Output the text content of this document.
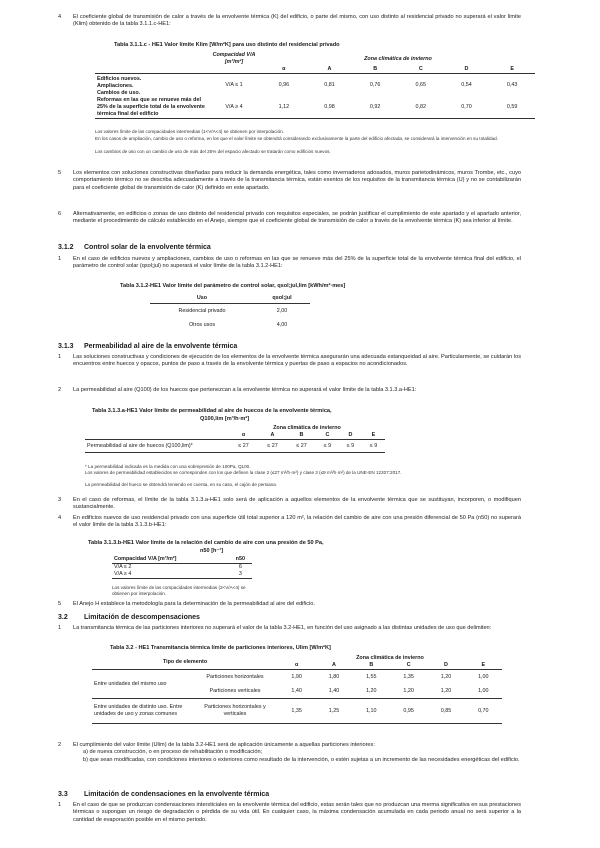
4 El coeficiente global de transmisión de calor a través de la envolvente térmica (K) del edificio, o parte del mismo, con uso distinto al residencial privado no superará el valor límite (Klim) obtenido de la tabla 3.1.1.c-HE1:
Tabla 3.1.1.c - HE1 Valor límite Klim [W/m²K] para uso distinto del residencial privado
	Compacidad V/A [m³/m²]	Zona climática de invierno					
		α	A	B	C	D	E

Edificios nuevos.
Ampliaciones.
Cambios de uso.
Reformas en las que se renueve más del 25% de la superficie total de la envolvente térmica final del edificio	V/A ≤ 1	0,96	0,81	0,76	0,65	0,54	0,43
	V/A ≥ 4	1,12	0,98	0,92	0,82	0,70	0,59
Los valores límite de las compacidades intermedias (1<V/A<4) se obtienen por interpolación.
En los casos de ampliación, cambio de uso o reforma, en los que el valor límite se obtendrá considerando exclusivamente la parte del edificio afectada, se considerará la intervención en su totalidad.
Los cambios de uso con un cambio de uso de más del 25% del espacio afectado se tratarán como edificios nuevos.
5 Los elementos con soluciones constructivas diseñadas para reducir la demanda energética, tales como invernaderos adosados, muros parietodinámicos, muros Trombe, etc., cuyo comportamiento térmico no se describa adecuadamente a través de la transmitancia térmica, están exentos de los requisitos de la transmitancia térmica (U) y no se contabilizarán para el coeficiente global de transmisión de calor (K) definido en este apartado.
6 Alternativamente, en edificios o zonas de uso distinto del residencial privado con requisitos especiales, se podrán justificar el cumplimiento de este apartado y el apartado anterior, mediante el procedimiento de cálculo establecido en el Anejo, siempre que el coeficiente global de transmisión de calor a través de la envolvente térmica (K) sea inferior al límite.
3.1.2 Control solar de la envolvente térmica
1 En el caso de edificios nuevos y ampliaciones, cambios de uso o reformas en las que se renueve más del 25% de la superficie total de la envolvente térmica final del edificio, el parámetro de control solar (qsol;jul) no superará el valor límite de la tabla 3.1.2-HE1:
Tabla 3.1.2-HE1 Valor límite del parámetro de control solar, qsol;jul,lim [kWh/m²·mes]
Uso	qsol;jul
Residencial privado	2,00
Otros usos	4,00
3.1.3 Permeabilidad al aire de la envolvente térmica
1 Las soluciones constructivas y condiciones de ejecución de los elementos de la envolvente térmica asegurarán una adecuada estanqueidad al aire. Particularmente, se cuidarán los encuentros entre huecos y opacos, puntos de paso a través de la envolvente térmica y puertas de paso a espacios no acondicionados.
2 La permeabilidad al aire (Q100) de los huecos que pertenezcan a la envolvente térmica no superará el valor límite de la tabla 3.1.3.a-HE1:
Tabla 3.1.3.a-HE1 Valor límite de permeabilidad al aire de huecos de la envolvente térmica,
Q100,lim [m³/h·m²]
	Zona climática de invierno					
	α	A	B	C	D	E
Permeabilidad al aire de huecos (Q100,lim)*	≤ 27	≤ 27	≤ 27	≤ 9	≤ 9	≤ 9
* La permeabilidad indicada es la medida con una sobrepresión de 100Pa, Q100.
Los valores de permeabilidad establecidos se corresponden con los que definen la clase 2 (≤27 m³/h·m²) y clase 3 (≤9 m³/h·m²) de la UNE-EN 12207:2017.
La permeabilidad del hueco se obtendrá teniendo en cuenta, en su caso, el cajón de persiana.
3 En el caso de reformas, el límite de la tabla 3.1.3.a-HE1 solo será de aplicación a aquellos elementos de la envolvente térmica que se sustituyan, incorporen, o modifiquen sustancialmente.
4 En edificios nuevos de uso residencial privado con una superficie útil total superior a 120 m², la relación del cambio de aire con una presión diferencial de 50 Pa (n50) no superará el valor límite de la tabla 3.1.3.b-HE1:
Tabla 3.1.3.b-HE1 Valor límite de la relación del cambio de aire con una presión de 50 Pa,
n50 [h⁻¹]
Compacidad V/A [m³/m²]	n50
V/A ≤ 2	6
V/A ≥ 4	3
Los valores límite de las compacidades intermedias (2<V/A<4) se
obtienen por interpolación.
5 El Anejo H establece la metodología para la determinación de la permeabilidad al aire del edificio.
3.2 Limitación de descompensaciones
1 La transmitancia térmica de las particiones interiores no superará el valor de la tabla 3.2-HE1, en función del uso asignado a las distintas unidades de uso que delimiten:
Tabla 3.2 - HE1 Transmitancia térmica límite de particiones interiores, Ulim [W/m²K]
Tipo de elemento		Zona climática de invierno					
		α	A	B	C	D	E
Entre unidades del mismo uso	Particiones horizontales	1,90	1,80	1,55	1,35	1,20	1,00
	Particiones verticales	1,40	1,40	1,20	1,20	1,20	1,00
Entre unidades de distinto uso. Entre unidades de uso y zonas comunes	Particiones horizontales y verticales	1,35	1,25	1,10	0,95	0,85	0,70
2 El cumplimiento del valor límite (Ulim) de la tabla 3.2-HE1 será de aplicación únicamente a aquellas particiones interiores:
a) de nueva construcción, o en proceso de rehabilitación o modificación;
b) que sean modificadas, con condiciones interiores o exteriores como resultado de la intervención, o estén sujetas a un incremento de las necesidades energéticas del edificio.
3.3 Limitación de condensaciones en la envolvente térmica
1 En el caso de que se produzcan condensaciones intersticiales en la envolvente térmica del edificio, estas serán tales que no produzcan una merma significativa en sus prestaciones térmicas o supongan un riesgo de degradación o pérdida de su vida útil. En cualquier caso, la máxima condensación acumulada en cada periodo anual no será superior a la cantidad de evaporación posible en el mismo periodo.
